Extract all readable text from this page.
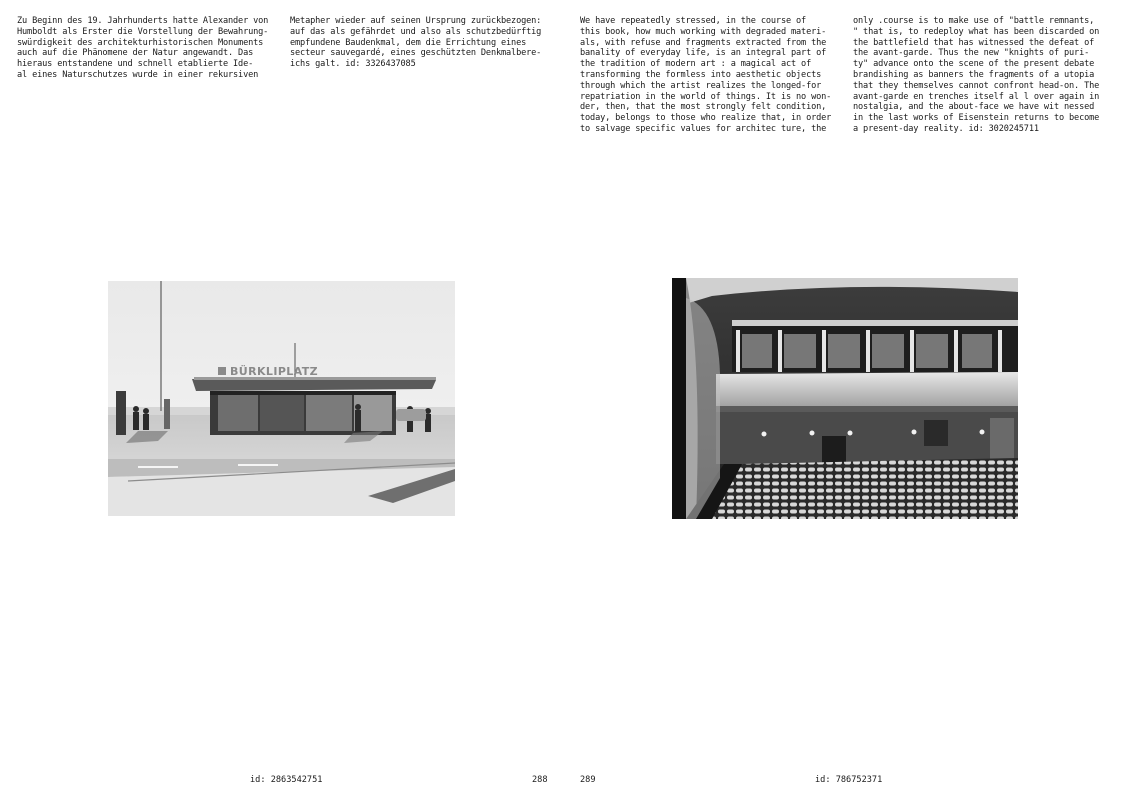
Zu Beginn des 19. Jahrhunderts hatte Alexander von
Humboldt als Erster die Vorstellung der Bewahrung-
swürdigkeit des architekturhistorischen Monuments
auch auf die Phänomene der Natur angewandt. Das
hieraus entstandene und schnell etablierte Ide-
al eines Naturschutzes wurde in einer rekursiven
Metapher wieder auf seinen Ursprung zurückbezogen:
auf das als gefährdet und also als schutzbedürftig
empfundene Baudenkmal, dem die Errichtung eines
secteur sauvegardé, eines geschützten Denkmalbere-
ichs galt. id: 3326437085
BÜRKLIPLATZ
id: 2863542751	288
We have repeatedly stressed, in the course of
this book, how much working with degraded materi-
als, with refuse and fragments extracted from the
banality of everyday life, is an integral part of
the tradition of modern art : a magical act of
transforming the formless into aesthetic objects
through which the artist realizes the longed-for
repatriation in the world of things. It is no won-
der, then, that the most strongly felt condition,
today, belongs to those who realize that, in order
to salvage specific values for architec ture, the
only .course is to make use of "battle remnants,
" that is, to redeploy what has been discarded on
the battlefield that has witnessed the defeat of
the avant-garde. Thus the new "knights of puri-
ty" advance onto the scene of the present debate
brandishing as banners the fragments of a utopia
that they themselves cannot confront head-on. The
avant-garde en trenches itself al l over again in
nostalgia, and the about-face we have wit nessed
in the last works of Eisenstein returns to become
a present-day reality. id: 3020245711
289	id: 786752371
